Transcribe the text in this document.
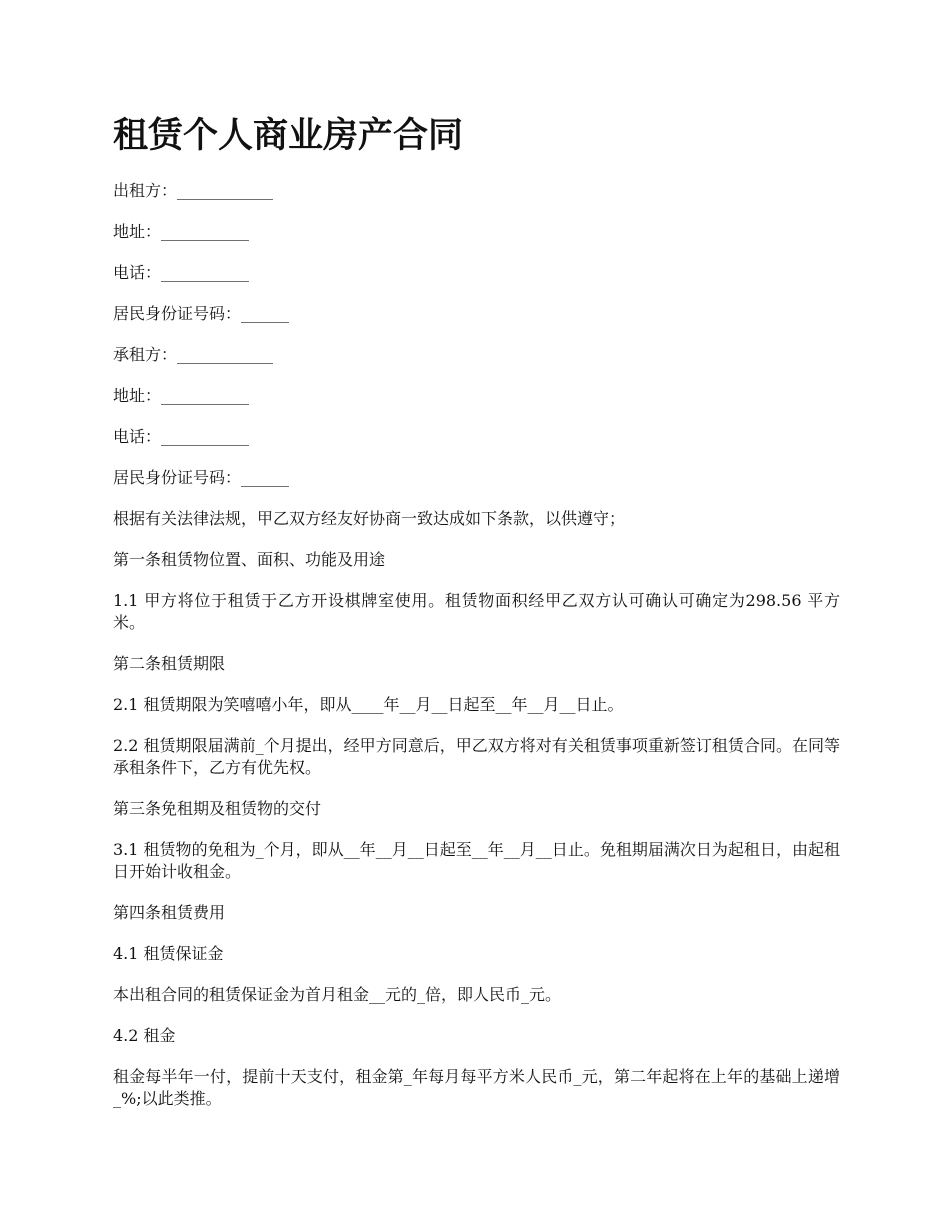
租赁个人商业房产合同

出租方：____________

地址：___________

电话：___________

居民身份证号码：______

承租方：____________

地址：___________

电话：___________

居民身份证号码：______

根据有关法律法规，甲乙双方经友好协商一致达成如下条款，以供遵守；

第一条租赁物位置、面积、功能及用途

1.1 甲方将位于租赁于乙方开设棋牌室使用。租赁物面积经甲乙双方认可确认可确定为298.56 平方米。

第二条租赁期限

2.1 租赁期限为笑嘻嘻小年，即从____年__月__日起至__年__月__日止。

2.2 租赁期限届满前_个月提出，经甲方同意后，甲乙双方将对有关租赁事项重新签订租赁合同。在同等承租条件下，乙方有优先权。

第三条免租期及租赁物的交付

3.1 租赁物的免租为_个月，即从__年__月__日起至__年__月__日止。免租期届满次日为起租日，由起租日开始计收租金。

第四条租赁费用

4.1 租赁保证金

本出租合同的租赁保证金为首月租金__元的_倍，即人民币_元。

4.2 租金

租金每半年一付，提前十天支付，租金第_年每月每平方米人民币_元，第二年起将在上年的基础上递增_%;以此类推。
